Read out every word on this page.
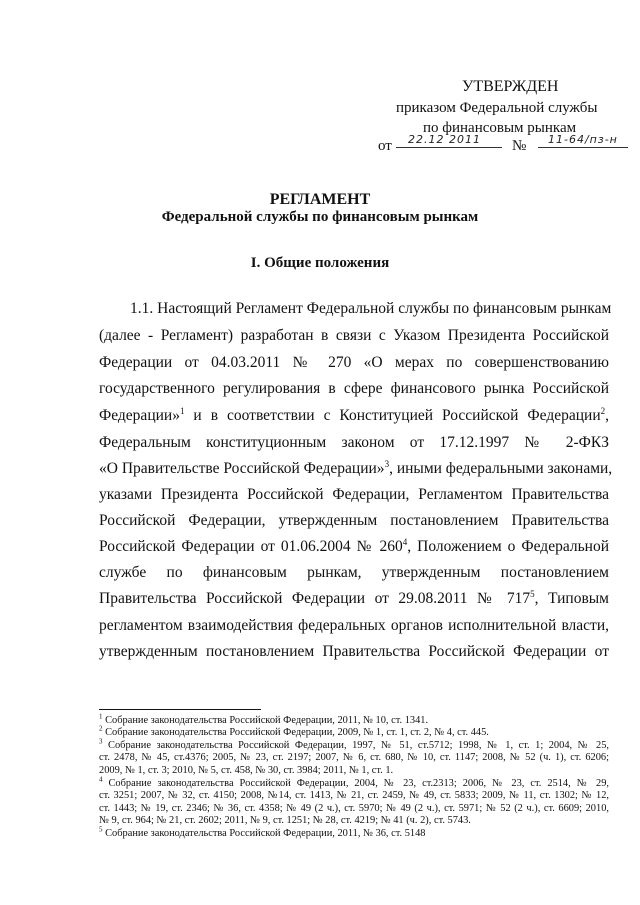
УТВЕРЖДЕН
приказом Федеральной службы
по финансовым рынкам
от	22.12 2011	№	11-64/пз-н
РЕГЛАМЕНТ
Федеральной службы по финансовым рынкам
I. Общие положения
1.1. Настоящий Регламент Федеральной службы по финансовым рынкам
(далее - Регламент) разработан в связи с Указом Президента Российской
Федерации от 04.03.2011 № 270 «О мерах по совершенствованию
государственного регулирования в сфере финансового рынка Российской
Федерации»$^1$ и в соответствии с Конституцией Российской Федерации$^2$,
Федеральным конституционным законом от 17.12.1997 № 2-ФКЗ
«О Правительстве Российской Федерации»$^3$, иными федеральными законами,
указами Президента Российской Федерации, Регламентом Правительства
Российской Федерации, утвержденным постановлением Правительства
Российской Федерации от 01.06.2004 № $260^4$, Положением о Федеральной
службе по финансовым рынкам, утвержденным постановлением
Правительства Российской Федерации от 29.08.2011 № $717^5$, Типовым
регламентом взаимодействия федеральных органов исполнительной власти,
утвержденным постановлением Правительства Российской Федерации от
$^1$ Собрание законодательства Российской Федерации, 2011, № 10, ст. 1341.
$^2$ Собрание законодательства Российской Федерации, 2009, № 1, ст. 1, ст. 2, № 4, ст. 445.
$^3$ Собрание законодательства Российской Федерации, 1997, № 51, ст.5712; 1998, № 1, ст. 1; 2004, № 25,
ст. 2478, № 45, ст.4376; 2005, № 23, ст. 2197; 2007, № 6, ст. 680, № 10, ст. 1147; 2008, № 52 (ч. 1), ст. 6206;
2009, № 1, ст. 3; 2010, № 5, ст. 458, № 30, ст. 3984; 2011, № 1, ст. 1.
$^4$ Собрание законодательства Российской Федерации, 2004, № 23, ст.2313; 2006, № 23, ст. 2514, № 29,
ст. 3251; 2007, № 32, ст. 4150; 2008, №14, ст. 1413, № 21, ст. 2459, № 49, ст. 5833; 2009, № 11, ст. 1302; № 12,
ст. 1443; № 19, ст. 2346; № 36, ст. 4358; № 49 (2 ч.), ст. 5970; № 49 (2 ч.), ст. 5971; № 52 (2 ч.), ст. 6609; 2010,
№ 9, ст. 964; № 21, ст. 2602; 2011, № 9, ст. 1251; № 28, ст. 4219; № 41 (ч. 2), ст. 5743.
$^5$ Собрание законодательства Российской Федерации, 2011, № 36, ст. 5148
